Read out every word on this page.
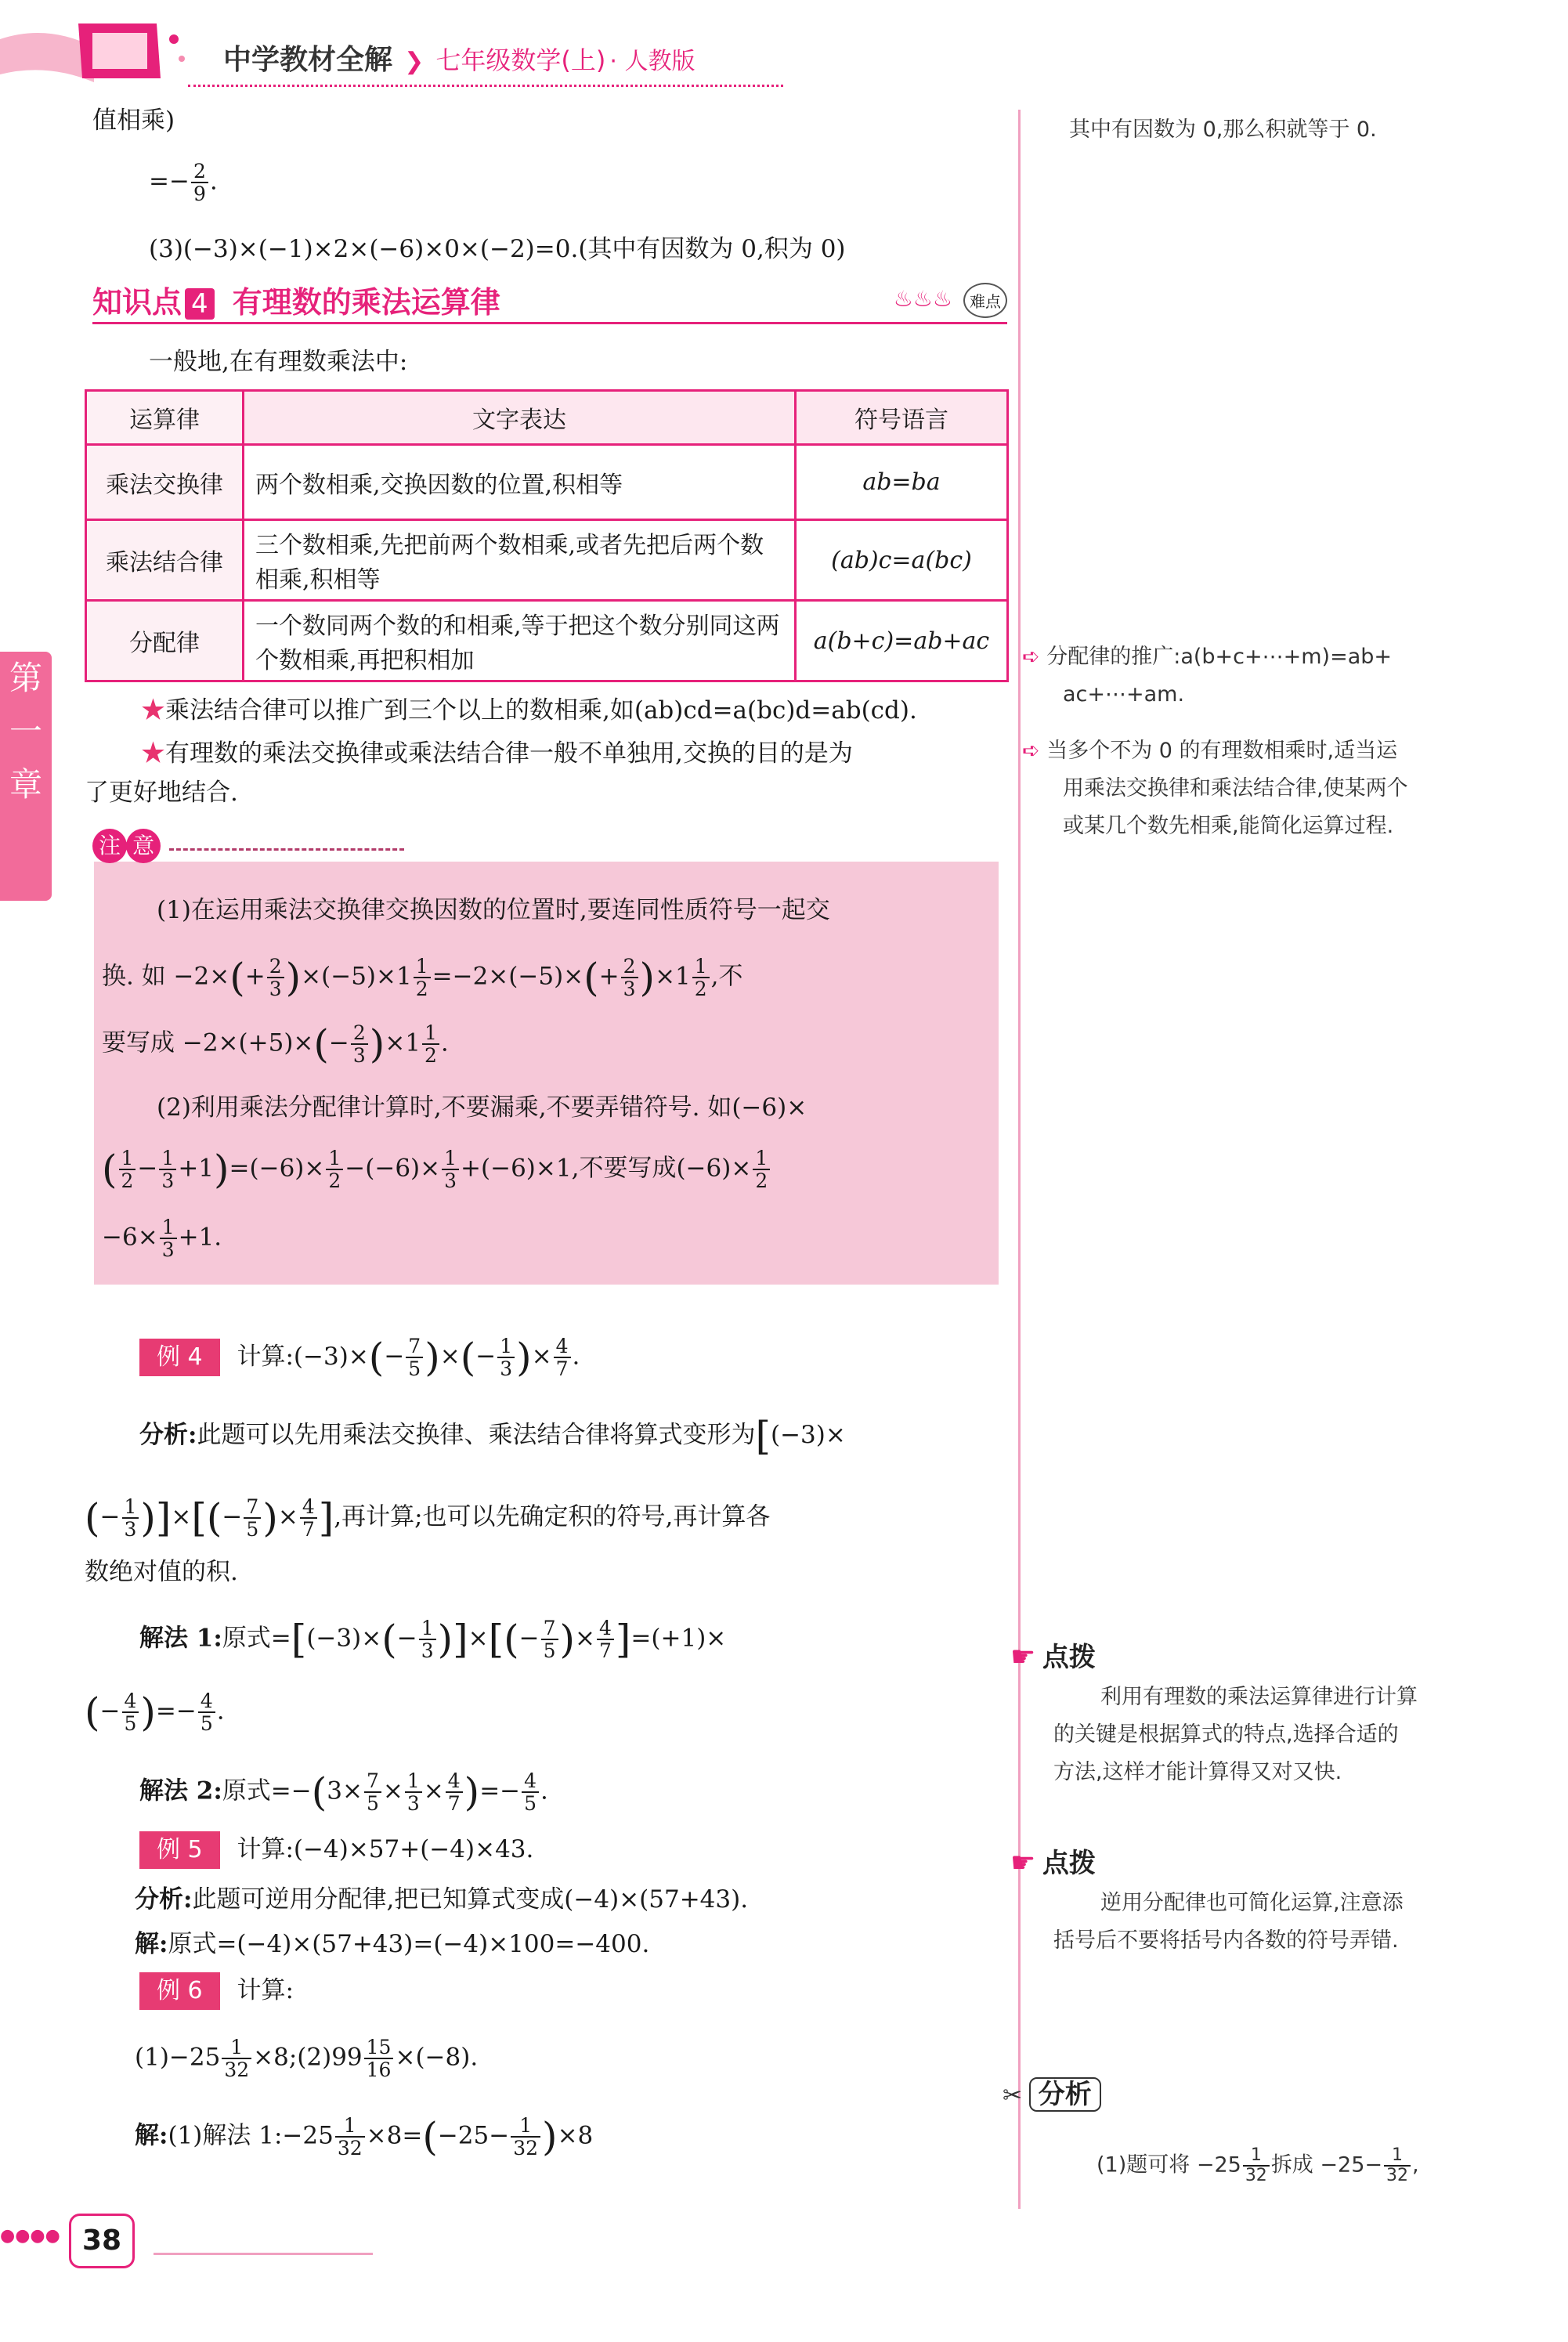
中学教材全解 ❯ 七年级数学(上) · 人教版
第
一
章
值相乘)
=− $\frac{2}{9}$ .
(3)(−3)×(−1)×2×(−6)×0×(−2)=0.(其中有因数为 0,积为 0)
知识点 4 有理数的乘法运算律	♨♨♨	难点
一般地,在有理数乘法中:
运算律	文字表达	符号语言
乘法交换律	两个数相乘,交换因数的位置,积相等	ab=ba
乘法结合律	三个数相乘,先把前两个数相乘,或者先把后两个数相乘,积相等	(ab)c=a(bc)
分配律	一个数同两个数的和相乘,等于把这个数分别同这两个数相乘,再把积相加	a(b+c)=ab+ac
★乘法结合律可以推广到三个以上的数相乘,如(ab)cd=a(bc)d=ab(cd).
★有理数的乘法交换律或乘法结合律一般不单独用,交换的目的是为
了更好地结合.
注 意
(1)在运用乘法交换律交换因数的位置时,要连同性质符号一起交
换. 如 $-2\times(+ \frac{2}{3} )\times(-5)\times 1 \frac{1}{2} =-2\times(-5)\times(+ \frac{2}{3} )\times 1 \frac{1}{2}$ ,不
要写成 $-2\times(+5)\times(- \frac{2}{3} )\times 1 \frac{1}{2}$ .
(2)利用乘法分配律计算时,不要漏乘,不要弄错符号. 如(−6)×
( $\frac{1}{2} - \frac{1}{3} +1)=(-6)\times \frac{1}{2} -(-6)\times \frac{1}{3} +(-6)\times 1$,不要写成$(-6)\times \frac{1}{2}$
$-6\times \frac{1}{3} +1$.
例 4 计算:(−3)×(− $\frac{7}{5}$ )×(− $\frac{1}{3}$ )× $\frac{4}{7}$ .
分析:此题可以先用乘法交换律、乘法结合律将算式变形为[(−3)×
(− $\frac{1}{3}$ )]×[(− $\frac{7}{5}$ )× $\frac{4}{7}$ ],再计算;也可以先确定积的符号,再计算各
数绝对值的积.
解法 1:原式$=[(-3)\times(- \frac{1}{3}$ )]×[(− $\frac{7}{5}$ )× $\frac{4}{7} ]=(+1)\times$
(− $\frac{4}{5}$ )=− $\frac{4}{5}$ .
解法 2:原式$=-(3\times \frac{7}{5} \times \frac{1}{3} \times \frac{4}{7}$ )=− $\frac{4}{5}$ .
例 5 计算:(−4)×57+(−4)×43.
分析:此题可逆用分配律,把已知算式变成(−4)×(57+43).
解:原式=(−4)×(57+43)=(−4)×100=−400.
例 6 计算:
$(1)-25 \frac{1}{32}$ ×8;(2)99 $\frac{15}{16} \times(-8)$.
解:(1)解法 1:−25 $\frac{1}{32} \times 8=(-25- \frac{1}{32} )\times 8$
其中有因数为 0,那么积就等于 0.
➪ 分配律的推广:a(b+c+⋯+m)=ab+
ac+⋯+am.
➪ 当多个不为 0 的有理数相乘时,适当运
用乘法交换律和乘法结合律,使某两个
或某几个数先相乘,能简化运算过程.
☛ 点拨
利用有理数的乘法运算律进行计算
的关键是根据算式的特点,选择合适的
方法,这样才能计算得又对又快.
☛ 点拨
逆用分配律也可简化运算,注意添
括号后不要将括号内各数的符号弄错.
✂ 分析
(1)题可将 $-25 \frac{1}{32}$ 拆成 $-25- \frac{1}{32}$ ,
●●●● 38
